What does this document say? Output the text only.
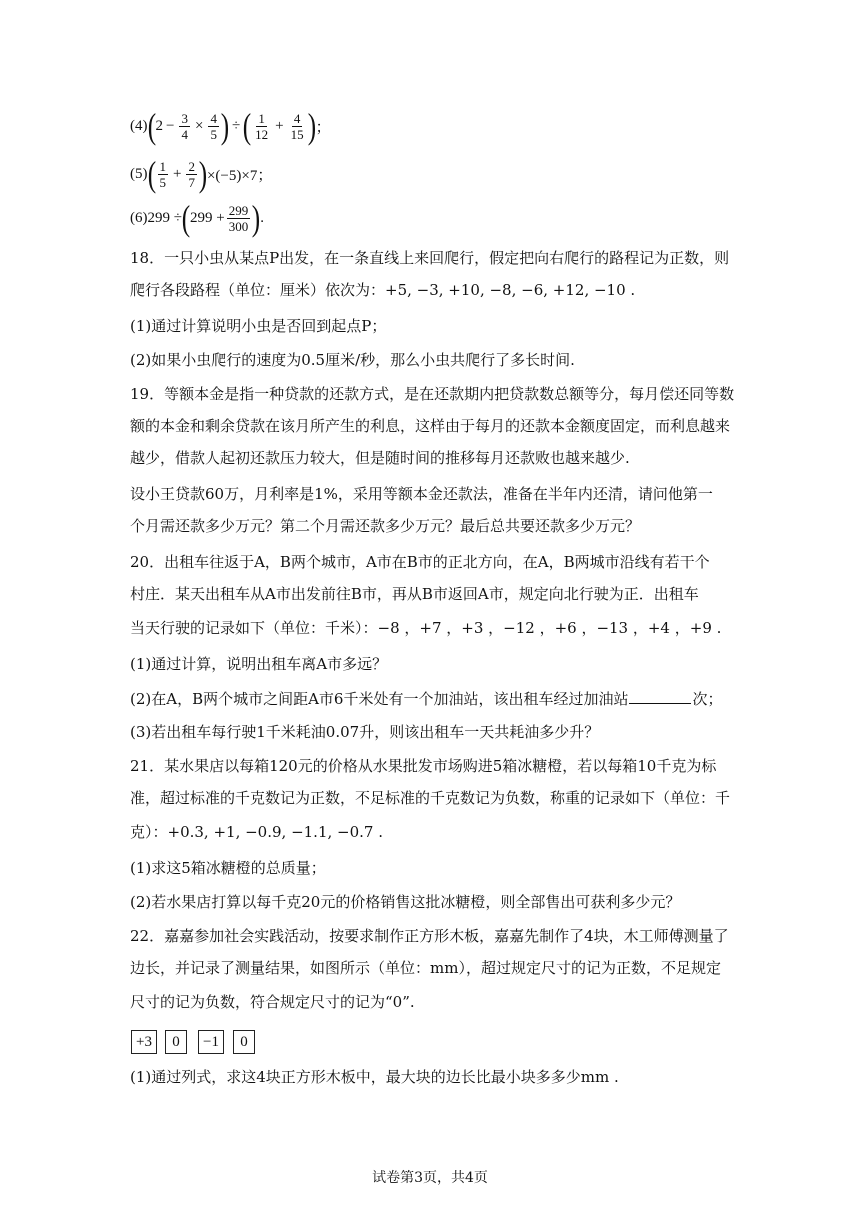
(4) ( $2 - \frac{3}{4} \times \frac{4}{5}$ ) ÷ ( $\frac{1}{12} + \frac{4}{15}$ ) ；
(5) ( $\frac{1}{5} + \frac{2}{7}$ ) ×(−5)×7；
(6) 299 ÷ ( $299 + \frac{299}{300}$ ) .
18．一只小虫从某点P出发，在一条直线上来回爬行，假定把向右爬行的路程记为正数，则
爬行各段路程（单位：厘米）依次为：+5, −3, +10, −8, −6, +12, −10 .
(1)通过计算说明小虫是否回到起点P；
(2)如果小虫爬行的速度为0.5厘米/秒，那么小虫共爬行了多长时间.
19．等额本金是指一种贷款的还款方式，是在还款期内把贷款数总额等分，每月偿还同等数
额的本金和剩余贷款在该月所产生的利息，这样由于每月的还款本金额度固定，而利息越来
越少，借款人起初还款压力较大，但是随时间的推移每月还款败也越来越少.
设小王贷款60万，月利率是1%，采用等额本金还款法，准备在半年内还清，请问他第一
个月需还款多少万元？第二个月需还款多少万元？最后总共要还款多少万元？
20．出租车往返于A，B两个城市，A市在B市的正北方向，在A，B两城市沿线有若干个
村庄．某天出租车从A市出发前往B市，再从B市返回A市，规定向北行驶为正．出租车
当天行驶的记录如下（单位：千米）：−8 ，+7 ，+3 ，−12 ，+6 ，−13 ，+4 ，+9 .
(1)通过计算，说明出租车离A市多远？
(2)在A，B两个城市之间距A市6千米处有一个加油站，该出租车经过加油站	次；
(3)若出租车每行驶1千米耗油0.07升，则该出租车一天共耗油多少升？
21．某水果店以每箱120元的价格从水果批发市场购进5箱冰糖橙，若以每箱10千克为标
准，超过标准的千克数记为正数，不足标准的千克数记为负数，称重的记录如下（单位：千
克）：+0.3, +1, −0.9, −1.1, −0.7 .
(1)求这5箱冰糖橙的总质量；
(2)若水果店打算以每千克20元的价格销售这批冰糖橙，则全部售出可获利多少元？
22．嘉嘉参加社会实践活动，按要求制作正方形木板，嘉嘉先制作了4块，木工师傅测量了
边长，并记录了测量结果，如图所示（单位：mm），超过规定尺寸的记为正数，不足规定
尺寸的记为负数，符合规定尺寸的记为“0”.
+3	0	−1	0
(1)通过列式，求这4块正方形木板中，最大块的边长比最小块多多少mm .
试卷第3页，共4页
